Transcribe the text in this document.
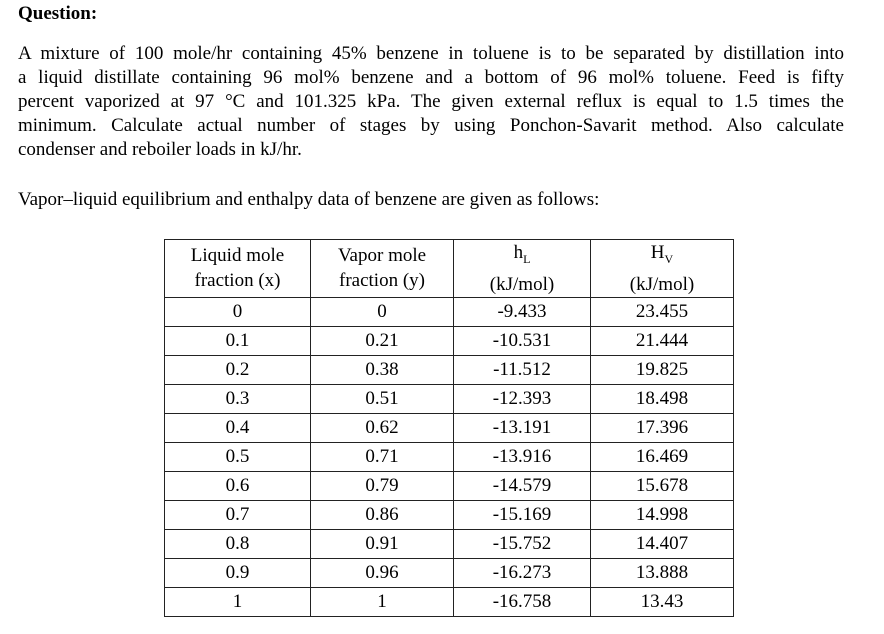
Question:
A mixture of 100 mole/hr containing 45% benzene in toluene is to be separated by distillation into
a liquid distillate containing 96 mol% benzene and a bottom of 96 mol% toluene. Feed is fifty
percent vaporized at 97 °C and 101.325 kPa. The given external reflux is equal to 1.5 times the
minimum. Calculate actual number of stages by using Ponchon-Savarit method. Also calculate
condenser and reboiler loads in kJ/hr.
Vapor–liquid equilibrium and enthalpy data of benzene are given as follows:
Liquid mole
fraction (x)	Vapor mole
fraction (y)	$h_L$
(kJ/mol)	$H_V$
(kJ/mol)

0	0	-9.433	23.455
0.1	0.21	-10.531	21.444
0.2	0.38	-11.512	19.825
0.3	0.51	-12.393	18.498
0.4	0.62	-13.191	17.396
0.5	0.71	-13.916	16.469
0.6	0.79	-14.579	15.678
0.7	0.86	-15.169	14.998
0.8	0.91	-15.752	14.407
0.9	0.96	-16.273	13.888
1	1	-16.758	13.43
